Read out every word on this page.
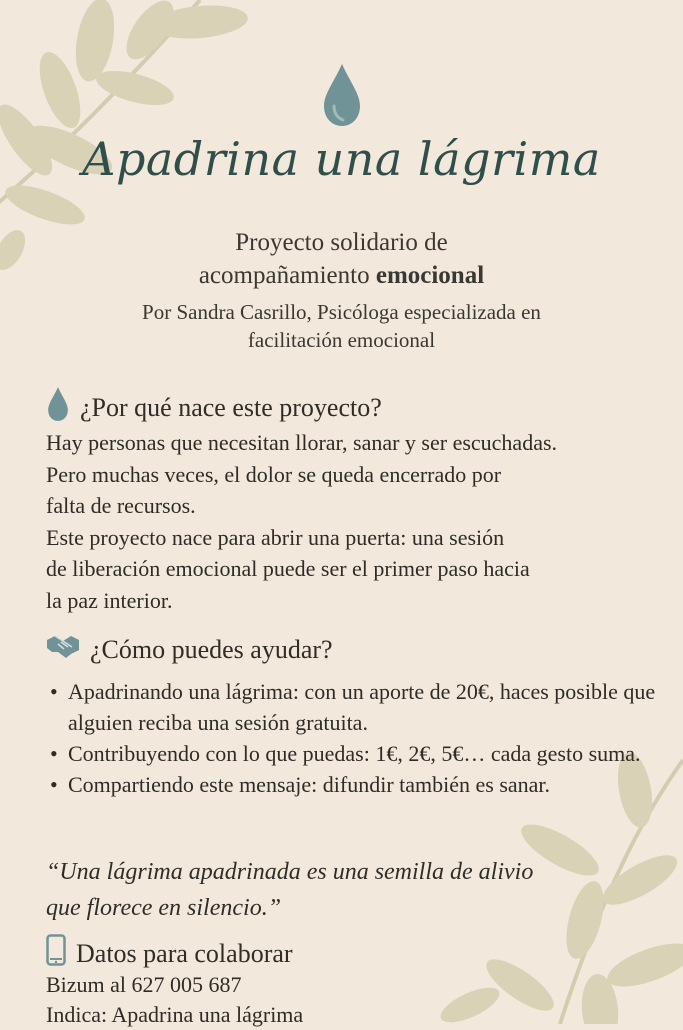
Apadrina una lágrima
Proyecto solidario de
acompañamiento emocional
Por Sandra Casrillo, Psicóloga especializada en
facilitación emocional
¿Por qué nace este proyecto?
Hay personas que necesitan llorar, sanar y ser escuchadas.
Pero muchas veces, el dolor se queda encerrado por
falta de recursos.
Este proyecto nace para abrir una puerta: una sesión
de liberación emocional puede ser el primer paso hacia
la paz interior.
¿Cómo puedes ayudar?
• Apadrinando una lágrima: con un aporte de 20€, haces posible que alguien reciba una sesión gratuita.
• Contribuyendo con lo que puedas: 1€, 2€, 5€… cada gesto suma.
• Compartiendo este mensaje: difundir también es sanar.
“Una lágrima apadrinada es una semilla de alivio
que florece en silencio.”
Datos para colaborar
Bizum al 627 005 687
Indica: Apadrina una lágrima
